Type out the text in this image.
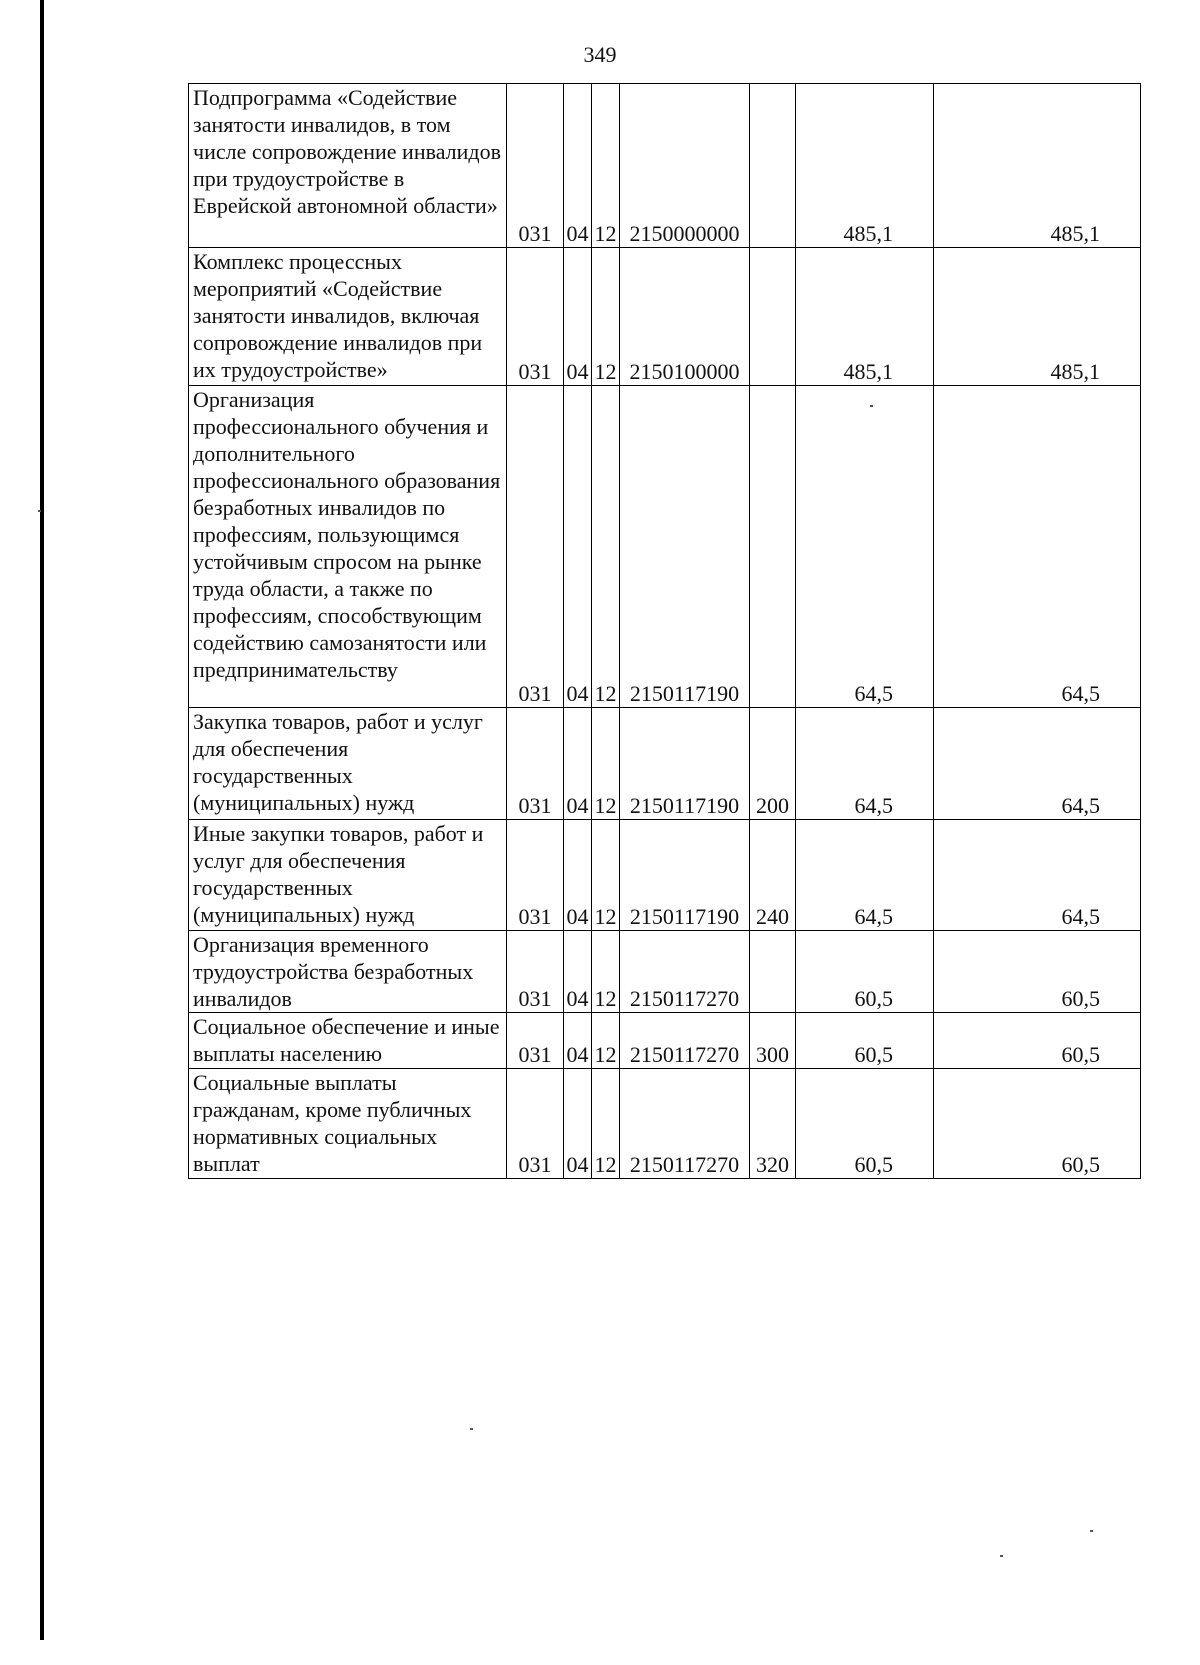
349
Подпрограмма «Содействие занятости инвалидов, в том числе сопровождение инвалидов при трудоустройстве в Еврейской автономной области»	031	04	12	2150000000		485,1	485,1
Комплекс процессных мероприятий «Содействие занятости инвалидов, включая сопровождение инвалидов при их трудоустройстве»	031	04	12	2150100000		485,1	485,1
Организация профессионального обучения и дополнительного профессионального образования безработных инвалидов по профессиям, пользующимся устойчивым спросом на рынке труда области, а также по профессиям, способствующим содействию самозанятости или предпринимательству	031	04	12	2150117190		64,5	64,5
Закупка товаров, работ и услуг для обеспечения государственных (муниципальных) нужд	031	04	12	2150117190	200	64,5	64,5
Иные закупки товаров, работ и услуг для обеспечения государственных (муниципальных) нужд	031	04	12	2150117190	240	64,5	64,5
Организация временного трудоустройства безработных инвалидов	031	04	12	2150117270		60,5	60,5
Социальное обеспечение и иные выплаты населению	031	04	12	2150117270	300	60,5	60,5
Социальные выплаты гражданам, кроме публичных нормативных социальных выплат	031	04	12	2150117270	320	60,5	60,5
